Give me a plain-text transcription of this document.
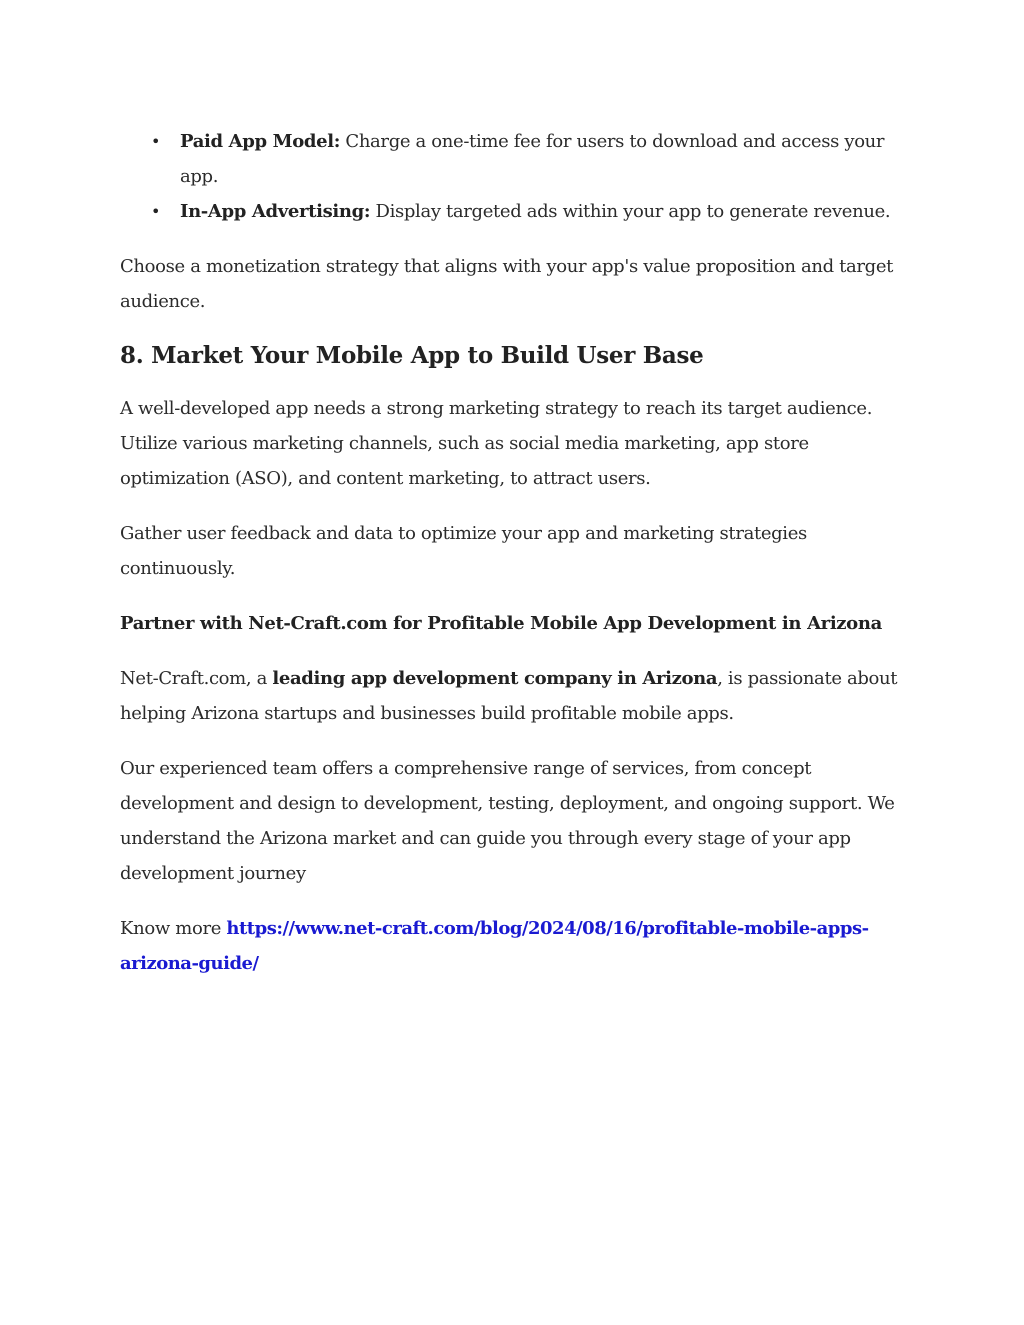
• Paid App Model: Charge a one-time fee for users to download and access your app.
• In-App Advertising: Display targeted ads within your app to generate revenue.

Choose a monetization strategy that aligns with your app's value proposition and target audience.

8. Market Your Mobile App to Build User Base

A well-developed app needs a strong marketing strategy to reach its target audience. Utilize various marketing channels, such as social media marketing, app store optimization (ASO), and content marketing, to attract users.

Gather user feedback and data to optimize your app and marketing strategies continuously.

Partner with Net-Craft.com for Profitable Mobile App Development in Arizona

Net-Craft.com, a leading app development company in Arizona, is passionate about helping Arizona startups and businesses build profitable mobile apps.

Our experienced team offers a comprehensive range of services, from concept development and design to development, testing, deployment, and ongoing support. We understand the Arizona market and can guide you through every stage of your app development journey

Know more https://www.net-craft.com/blog/2024/08/16/profitable-mobile-apps-arizona-guide/
